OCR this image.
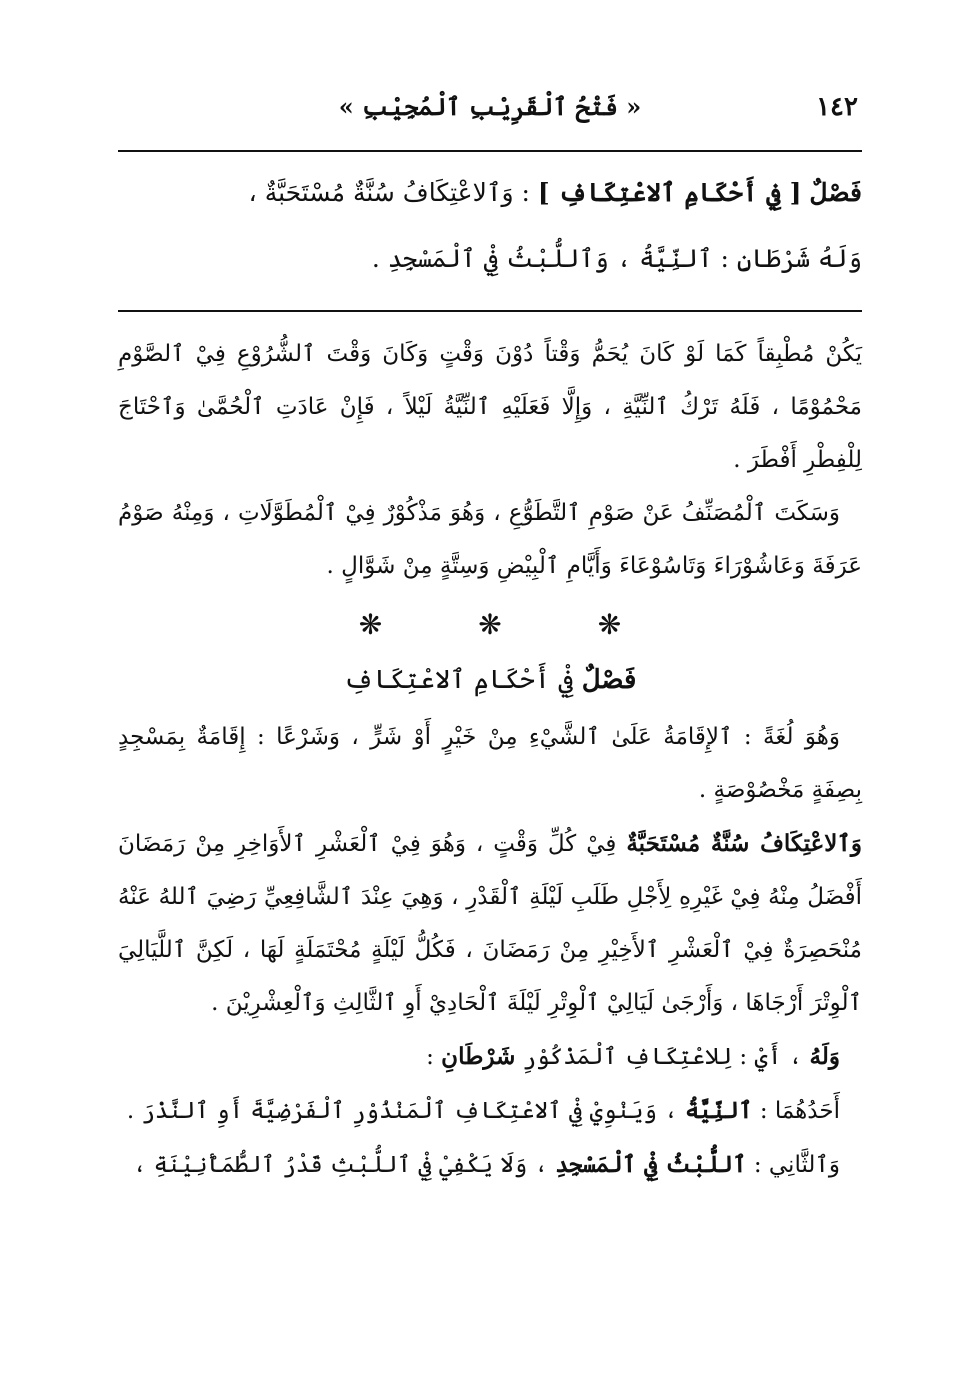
١٤٢
« فَتْحُ ٱلْقَرِيْبِ ٱلْمُجِيْبِ »
فَصْلٌ [ فِي أَحْكَامِ ٱلاعْتِكَافِ ] : وَٱلاعْتِكَافُ سُنَّةٌ مُسْتَحَبَّةٌ ،
وَلَهُ شَرْطَانِ : ٱلنِّيَّةُ ، وَٱللُّبْثُ فِيْ ٱلْمَسْجِدِ .

يَكُنْ مُطْبِقاً كَمَا لَوْ كَانَ يُحَمُّ وَقْتاً دُوْنَ وَقْتٍ وَكَانَ وَقْتَ ٱلشُّرُوْعِ فِيْ ٱلصَّوْمِ مَحْمُوْمًا ، فَلَهُ تَرْكُ ٱلنِّيَّةِ ، وَإِلَّا فَعَلَيْهِ ٱلنِّيَّةُ لَيْلاً ، فَإِنْ عَادَتِ ٱلْحُمَّىٰ وَٱحْتَاجَ لِلْفِطْرِ أَفْطَرَ .

وَسَكَتَ ٱلْمُصَنِّفُ عَنْ صَوْمِ ٱلتَّطَوُّعِ ، وَهُوَ مَذْكُوْرٌ فِيْ ٱلْمُطَوَّلَاتِ ، وَمِنْهُ صَوْمُ عَرَفَةَ وَعَاشُوْرَاءَ وَتَاسُوْعَاءَ وَأَيَّامِ ٱلْبِيْضِ وَسِتَّةٍ مِنْ شَوَّالٍ .

❋
❋
❋
فَصْلٌ فِيْ أَحْكَامِ ٱلاعْتِكَافِ

وَهُوَ لُغَةً : ٱلإِقَامَةُ عَلَىٰ ٱلشَّيْءِ مِنْ خَيْرٍ أَوْ شَرٍّ ، وَشَرْعًا : إِقَامَةٌ بِمَسْجِدٍ بِصِفَةٍ مَخْصُوْصَةٍ .

وَٱلاعْتِكَافُ سُنَّةٌ مُسْتَحَبَّةٌ فِيْ كُلِّ وَقْتٍ ، وَهُوَ فِيْ ٱلْعَشْرِ ٱلأَوَاخِرِ مِنْ رَمَضَانَ أَفْضَلُ مِنْهُ فِيْ غَيْرِهِ لِأَجْلِ طَلَبِ لَيْلَةِ ٱلْقَدْرِ ، وَهِيَ عِنْدَ ٱلشَّافِعِيِّ رَضِيَ ٱللهُ عَنْهُ مُنْحَصِرَةٌ فِيْ ٱلْعَشْرِ ٱلأَخِيْرِ مِنْ رَمَضَانَ ، فَكُلُّ لَيْلَةٍ مُحْتَمَلَةٍ لَهَا ، لَكِنَّ ٱللَّيَالِيَ ٱلْوِتْرَ أَرْجَاهَا ، وَأَرْجَىٰ لَيَالِيْ ٱلْوِتْرِ لَيْلَةَ ٱلْحَادِيْ أَوِ ٱلثَّالِثِ وَٱلْعِشْرِيْنَ .

وَلَهُ ، أَيْ : لِلاعْتِكَافِ ٱلْمَذْكُوْرِ شَرْطَانِ :

أَحَدُهُمَا : ٱلنِّيَّةُ ، وَيَنْوِيْ فِيْ ٱلاعْتِكَافِ ٱلْمَنْذُوْرِ ٱلْفَرْضِيَّةَ أَوِ ٱلنَّذْرَ .

وَٱلثَّانِي : ٱللُّبْثُ فِيْ ٱلْمَسْجِدِ ، وَلَا يَكْفِيْ فِيْ ٱللُّبْثِ قَدْرُ ٱلطُّمَأْنِيْنَةِ ،
